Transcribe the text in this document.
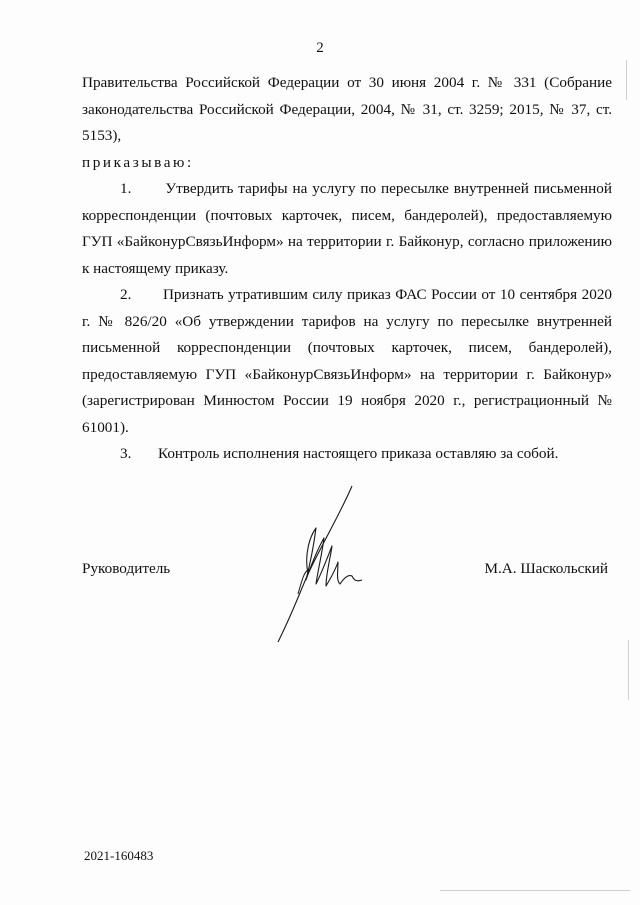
2

Правительства Российской Федерации от 30 июня 2004 г. № 331 (Собрание законодательства Российской Федерации, 2004, № 31, ст. 3259; 2015, № 37, ст. 5153),

приказываю:

1. Утвердить тарифы на услугу по пересылке внутренней письменной корреспонденции (почтовых карточек, писем, бандеролей), предоставляемую ГУП «БайконурСвязьИнформ» на территории г. Байконур, согласно приложению к настоящему приказу.

2. Признать утратившим силу приказ ФАС России от 10 сентября 2020 г. № 826/20 «Об утверждении тарифов на услугу по пересылке внутренней письменной корреспонденции (почтовых карточек, писем, бандеролей), предоставляемую ГУП «БайконурСвязьИнформ» на территории г. Байконур» (зарегистрирован Минюстом России 19 ноября 2020 г., регистрационный № 61001).

3. Контроль исполнения настоящего приказа оставляю за собой.

Руководитель	М.А. Шаскольский
2021-160483
